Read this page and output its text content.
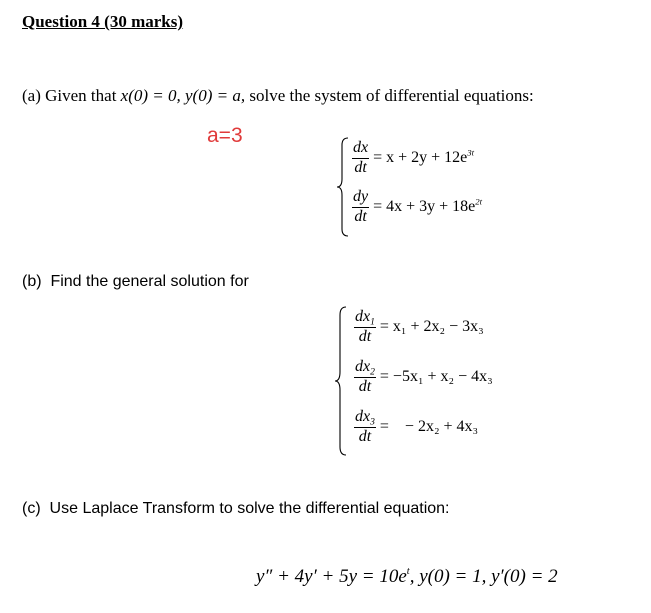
Question 4 (30 marks)
(a) Given that x(0) = 0, y(0) = a, solve the system of differential equations:
a=3
$\frac{dx}{dt} = x + 2y + 12e^{3t}$
$\frac{dy}{dt} = 4x + 3y + 18e^{2t}$
(b) Find the general solution for
$\frac{dx_1}{dt} = x_1 + 2x_2 - 3x_3$
$\frac{dx_2}{dt} = -5x_1 + x_2 - 4x_3$
$\frac{dx_3}{dt}$ =    − 2x₂ + 4x₃
(c) Use Laplace Transform to solve the differential equation:
$y'' + 4y' + 5y = 10e^t$, y(0) = 1, y′(0) = 2
